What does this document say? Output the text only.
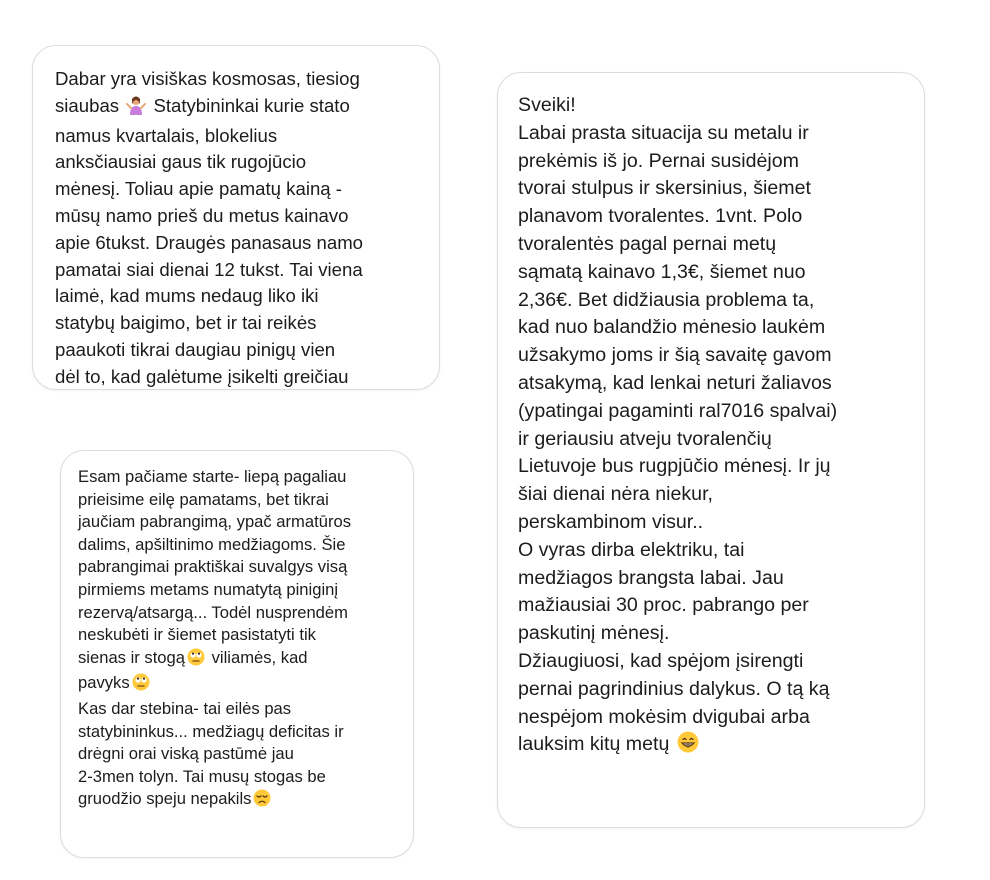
Dabar yra visiškas kosmosas, tiesiog

siaubas Statybininkai kurie stato

namus kvartalais, blokelius

anksčiausiai gaus tik rugojūcio

mėnesį. Toliau apie pamatų kainą -

mūsų namo prieš du metus kainavo

apie 6tukst. Draugės panasaus namo

pamatai siai dienai 12 tukst. Tai viena

laimė, kad mums nedaug liko iki

statybų baigimo, bet ir tai reikės

paaukoti tikrai daugiau pinigų vien

dėl to, kad galėtume įsikelti greičiau

Esam pačiame starte- liepą pagaliau

prieisime eilę pamatams, bet tikrai

jaučiam pabrangimą, ypač armatūros

dalims, apšiltinimo medžiagoms. Šie

pabrangimai praktiškai suvalgys visą

pirmiems metams numatytą piniginį

rezervą/atsargą... Todėl nusprendėm

neskubėti ir šiemet pasistatyti tik

sienas ir stogą viliamės, kad

pavyks

Kas dar stebina- tai eilės pas

statybininkus... medžiagų deficitas ir

drėgni orai viską pastūmė jau

2-3men tolyn. Tai musų stogas be

gruodžio speju nepakils

Sveiki!

Labai prasta situacija su metalu ir

prekėmis iš jo. Pernai susidėjom

tvorai stulpus ir skersinius, šiemet

planavom tvoralentes. 1vnt. Polo

tvoralentės pagal pernai metų

sąmatą kainavo 1,3€, šiemet nuo

2,36€. Bet didžiausia problema ta,

kad nuo balandžio mėnesio laukėm

užsakymo joms ir šią savaitę gavom

atsakymą, kad lenkai neturi žaliavos

(ypatingai pagaminti ral7016 spalvai)

ir geriausiu atveju tvoralenčių

Lietuvoje bus rugpjūčio mėnesį. Ir jų

šiai dienai nėra niekur,

perskambinom visur..

O vyras dirba elektriku, tai

medžiagos brangsta labai. Jau

mažiausiai 30 proc. pabrango per

paskutinį mėnesį.

Džiaugiuosi, kad spėjom įsirengti

pernai pagrindinius dalykus. O tą ką

nespėjom mokėsim dvigubai arba

lauksim kitų metų
